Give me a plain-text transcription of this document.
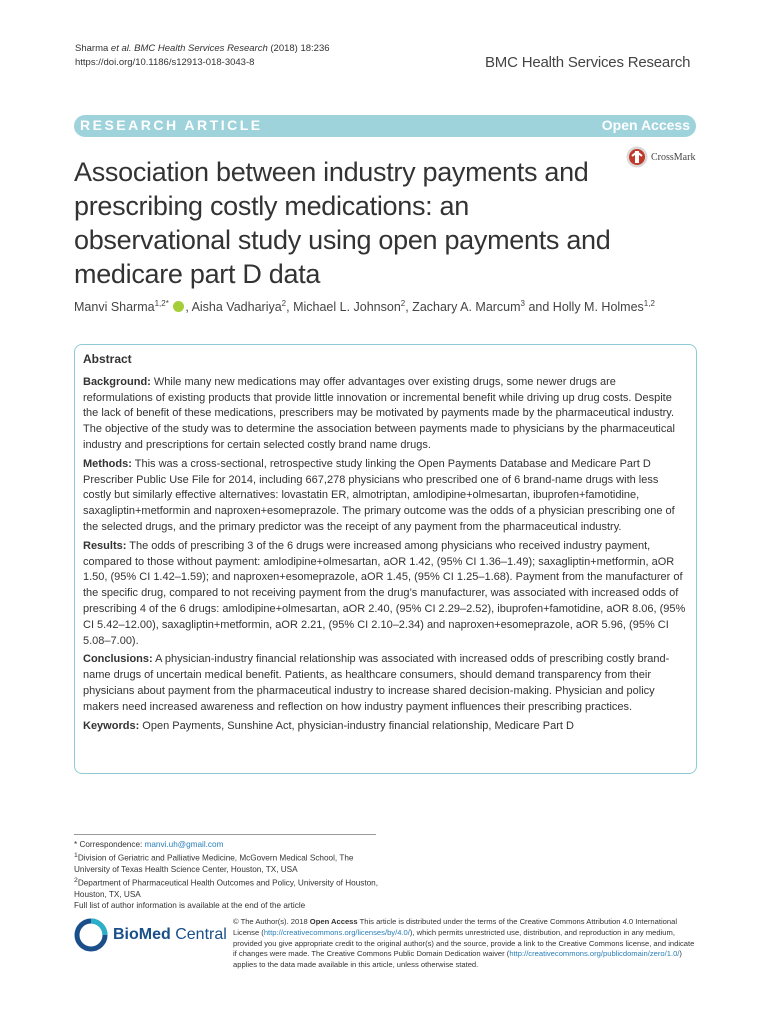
Sharma et al. BMC Health Services Research (2018) 18:236
https://doi.org/10.1186/s12913-018-3043-8	BMC Health Services Research
RESEARCH ARTICLE	Open Access
Association between industry payments and prescribing costly medications: an observational study using open payments and medicare part D data
CrossMark
Manvi Sharma$^{1,2*}$ , Aisha Vadhariya$^2$, Michael L. Johnson$^2$, Zachary A. Marcum$^3$ and Holly M. Holmes$^{1,2}$
Abstract

Background: While many new medications may offer advantages over existing drugs, some newer drugs are reformulations of existing products that provide little innovation or incremental benefit while driving up drug costs. Despite the lack of benefit of these medications, prescribers may be motivated by payments made by the pharmaceutical industry. The objective of the study was to determine the association between payments made to physicians by the pharmaceutical industry and prescriptions for certain selected costly brand name drugs.

Methods: This was a cross-sectional, retrospective study linking the Open Payments Database and Medicare Part D Prescriber Public Use File for 2014, including 667,278 physicians who prescribed one of 6 brand-name drugs with less costly but similarly effective alternatives: lovastatin ER, almotriptan, amlodipine+olmesartan, ibuprofen+famotidine, saxagliptin+metformin and naproxen+esomeprazole. The primary outcome was the odds of a physician prescribing one of the selected drugs, and the primary predictor was the receipt of any payment from the pharmaceutical industry.

Results: The odds of prescribing 3 of the 6 drugs were increased among physicians who received industry payment, compared to those without payment: amlodipine+olmesartan, aOR 1.42, (95% CI 1.36–1.49); saxagliptin+metformin, aOR 1.50, (95% CI 1.42–1.59); and naproxen+esomeprazole, aOR 1.45, (95% CI 1.25–1.68). Payment from the manufacturer of the specific drug, compared to not receiving payment from the drug’s manufacturer, was associated with increased odds of prescribing 4 of the 6 drugs: amlodipine+olmesartan, aOR 2.40, (95% CI 2.29–2.52), ibuprofen+famotidine, aOR 8.06, (95% CI 5.42–12.00), saxagliptin+metformin, aOR 2.21, (95% CI 2.10–2.34) and naproxen+esomeprazole, aOR 5.96, (95% CI 5.08–7.00).

Conclusions: A physician-industry financial relationship was associated with increased odds of prescribing costly brand-name drugs of uncertain medical benefit. Patients, as healthcare consumers, should demand transparency from their physicians about payment from the pharmaceutical industry to increase shared decision-making. Physician and policy makers need increased awareness and reflection on how industry payment influences their prescribing practices.

Keywords: Open Payments, Sunshine Act, physician-industry financial relationship, Medicare Part D

* Correspondence: manvi.uh@gmail.com
$^1$Division of Geriatric and Palliative Medicine, McGovern Medical School, The University of Texas Health Science Center, Houston, TX, USA
$^2$Department of Pharmaceutical Health Outcomes and Policy, University of Houston, Houston, TX, USA
Full list of author information is available at the end of the article
BioMed Central
© The Author(s). 2018 Open Access This article is distributed under the terms of the Creative Commons Attribution 4.0 International License (http://creativecommons.org/licenses/by/4.0/), which permits unrestricted use, distribution, and reproduction in any medium, provided you give appropriate credit to the original author(s) and the source, provide a link to the Creative Commons license, and indicate if changes were made. The Creative Commons Public Domain Dedication waiver (http://creativecommons.org/publicdomain/zero/1.0/) applies to the data made available in this article, unless otherwise stated.
